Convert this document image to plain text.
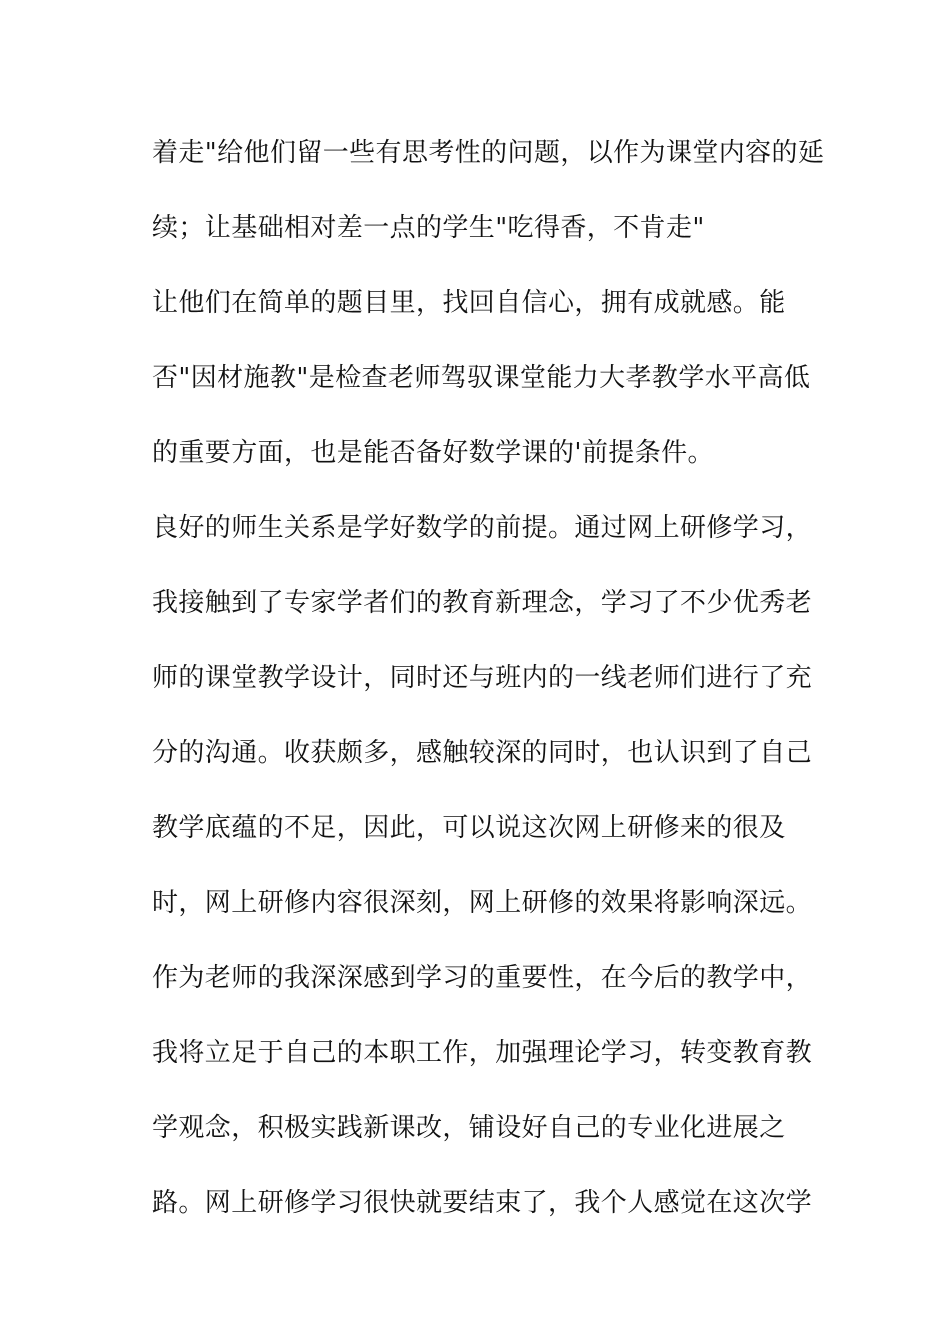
着走"给他们留一些有思考性的问题，以作为课堂内容的延

续；让基础相对差一点的学生"吃得香，不肯走"

让他们在简单的题目里，找回自信心，拥有成就感。能

否"因材施教"是检查老师驾驭课堂能力大孝教学水平高低

的重要方面，也是能否备好数学课的'前提条件。

良好的师生关系是学好数学的前提。通过网上研修学习，

我接触到了专家学者们的教育新理念，学习了不少优秀老

师的课堂教学设计，同时还与班内的一线老师们进行了充

分的沟通。收获颇多，感触较深的同时，也认识到了自己

教学底蕴的不足，因此，可以说这次网上研修来的很及

时，网上研修内容很深刻，网上研修的效果将影响深远。

作为老师的我深深感到学习的重要性，在今后的教学中，

我将立足于自己的本职工作，加强理论学习，转变教育教

学观念，积极实践新课改，铺设好自己的专业化进展之

路。网上研修学习很快就要结束了，我个人感觉在这次学
